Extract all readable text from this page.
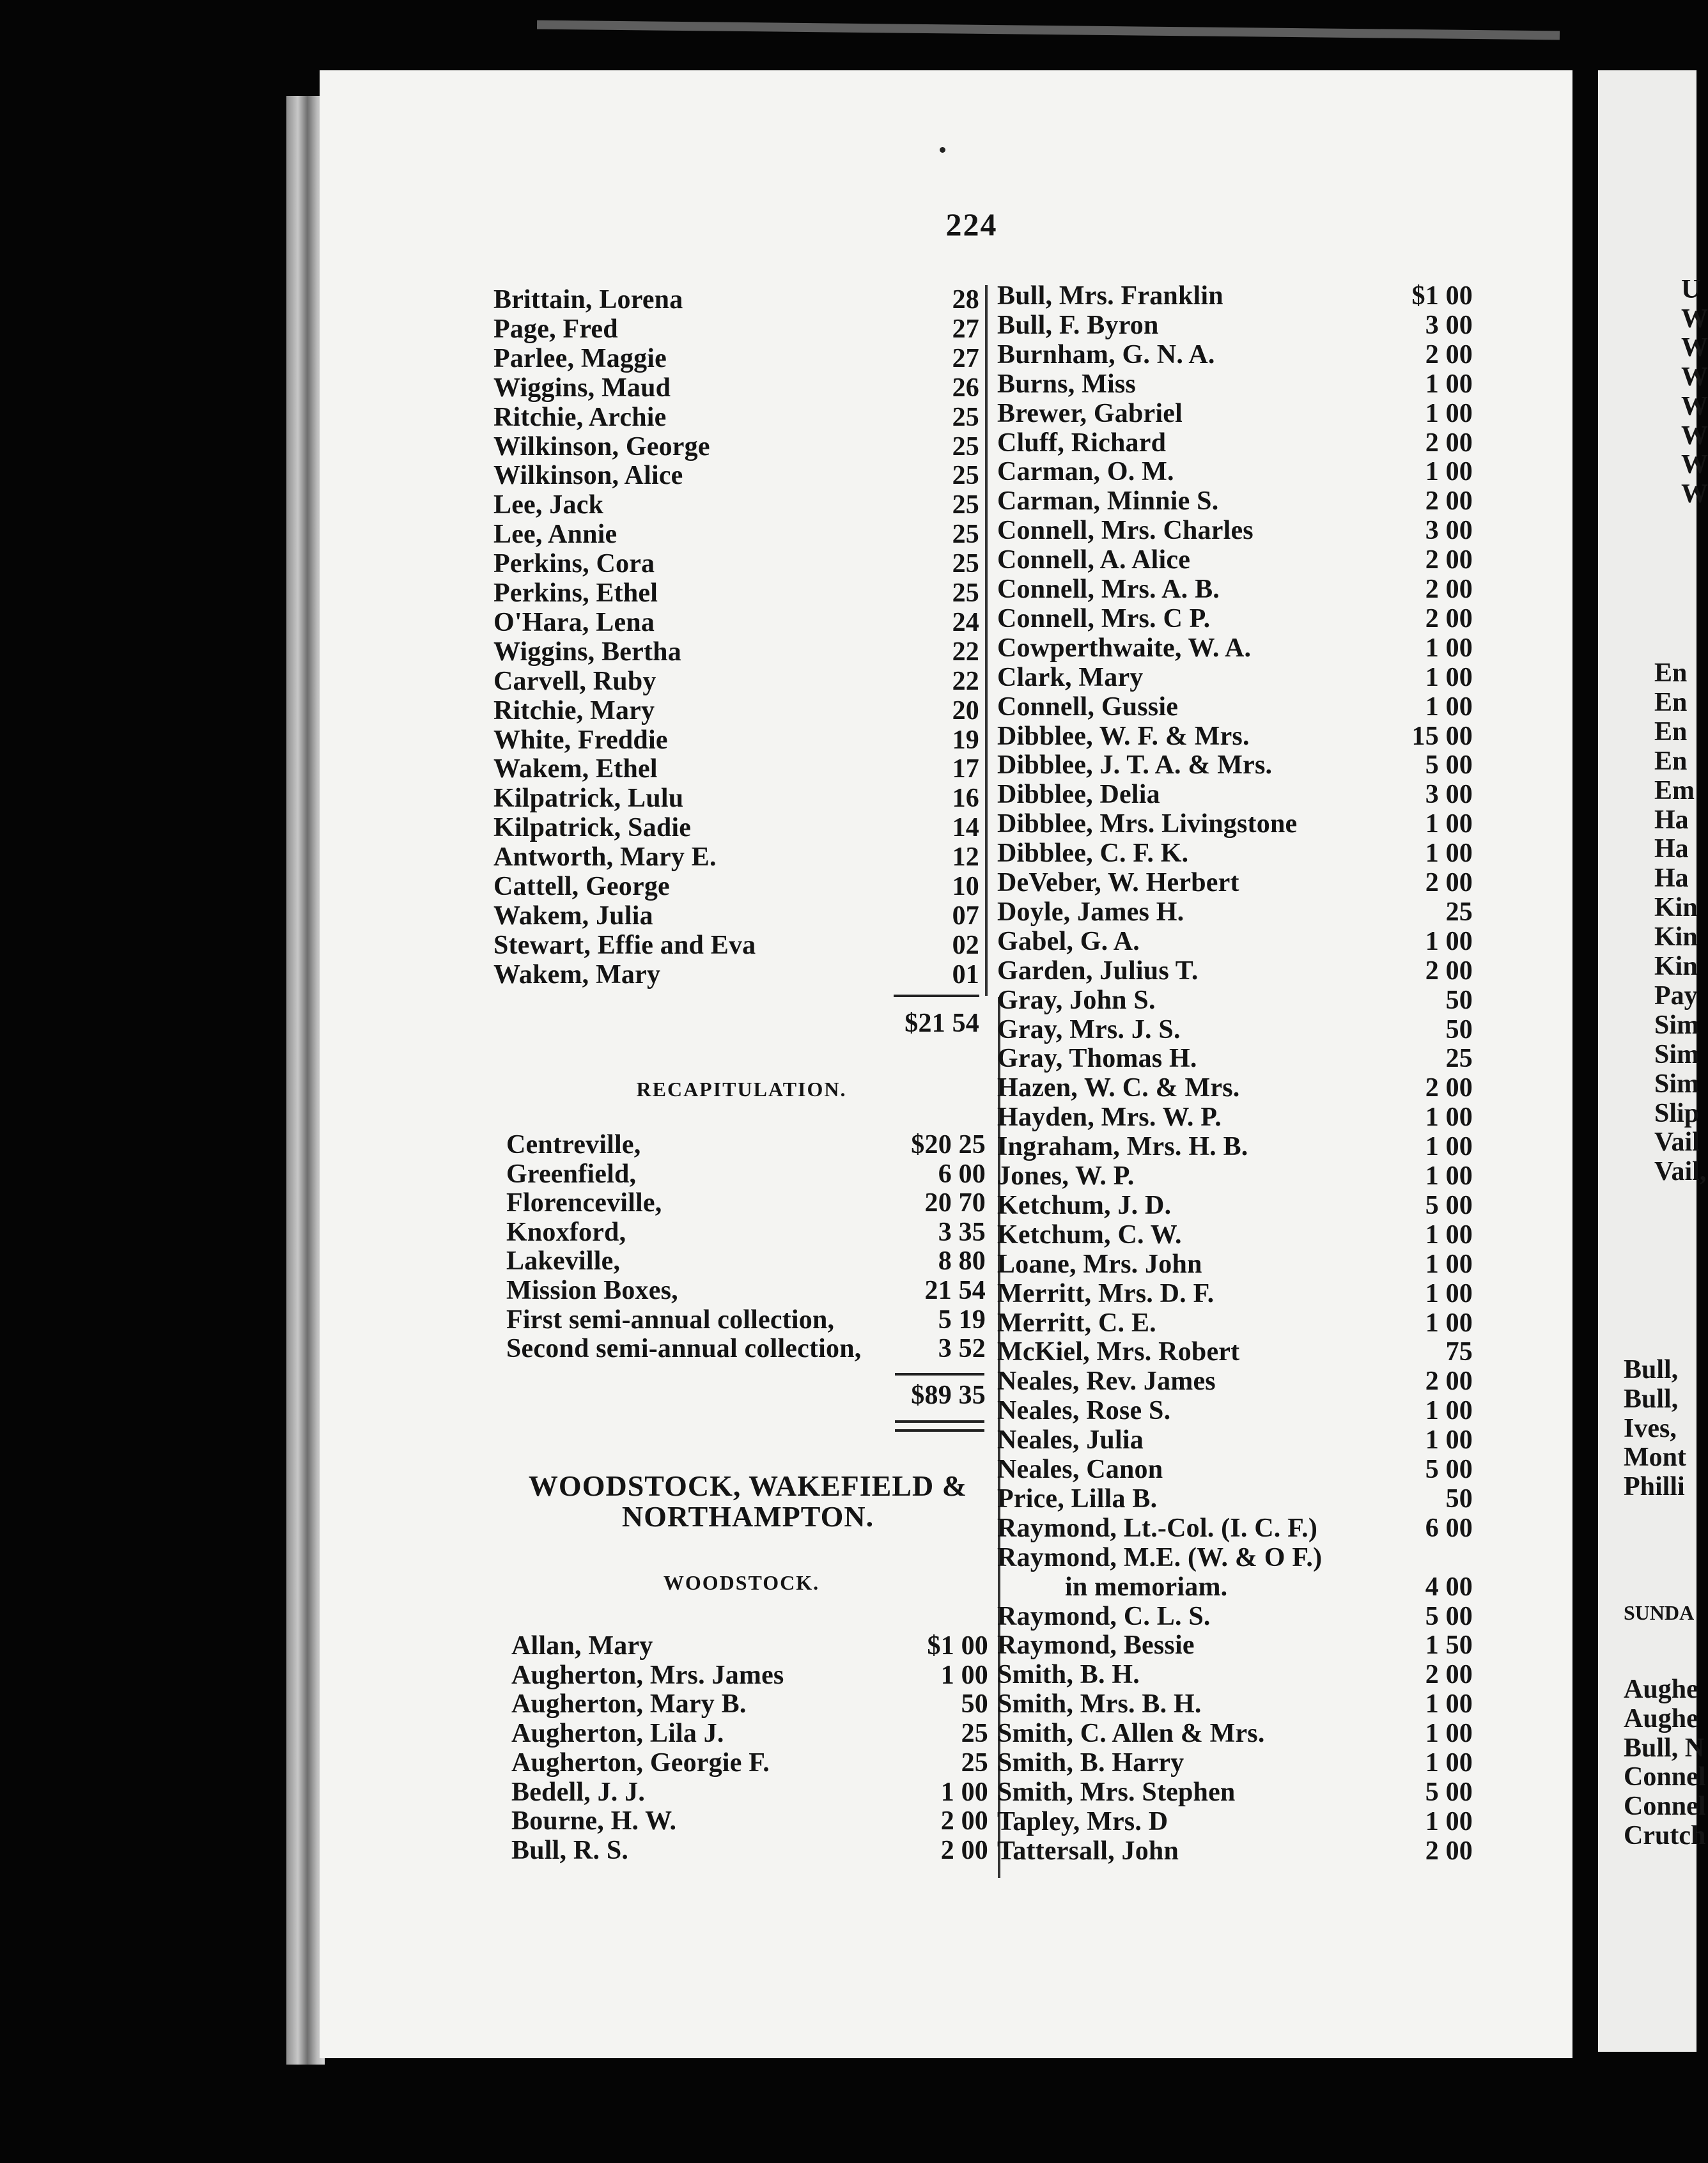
U
W
W
W
W
W
W
W
En
En
En
En
Em
Ha
Ha
Ha
Kin
Kin
Kin
Pay
Sim
Sim
Sim
Slip
Vail
Vail,
Bull,
Bull,
Ives,
Mont
Philli
Aughe
Aughe
Bull, N
Connel
Connel
Crutch
SUNDA
224
Brittain, Lorena	28
Page, Fred	27
Parlee, Maggie	27
Wiggins, Maud	26
Ritchie, Archie	25
Wilkinson, George	25
Wilkinson, Alice	25
Lee, Jack	25
Lee, Annie	25
Perkins, Cora	25
Perkins, Ethel	25
O'Hara, Lena	24
Wiggins, Bertha	22
Carvell, Ruby	22
Ritchie, Mary	20
White, Freddie	19
Wakem, Ethel	17
Kilpatrick, Lulu	16
Kilpatrick, Sadie	14
Antworth, Mary E.	12
Cattell, George	10
Wakem, Julia	07
Stewart, Effie and Eva	02
Wakem, Mary	01
$21 54
RECAPITULATION.
Centreville,	$20 25
Greenfield,	6 00
Florenceville,	20 70
Knoxford,	3 35
Lakeville,	8 80
Mission Boxes,	21 54
First semi-annual collection,	5 19
Second semi-annual collection,	3 52
$89 35
WOODSTOCK, WAKEFIELD &
NORTHAMPTON.
WOODSTOCK.
Allan, Mary	$1 00
Augherton, Mrs. James	1 00
Augherton, Mary B.	50
Augherton, Lila J.	25
Augherton, Georgie F.	25
Bedell, J. J.	1 00
Bourne, H. W.	2 00
Bull, R. S.	2 00
Bull, Mrs. Franklin	$1 00
Bull, F. Byron	3 00
Burnham, G. N. A.	2 00
Burns, Miss	1 00
Brewer, Gabriel	1 00
Cluff, Richard	2 00
Carman, O. M.	1 00
Carman, Minnie S.	2 00
Connell, Mrs. Charles	3 00
Connell, A. Alice	2 00
Connell, Mrs. A. B.	2 00
Connell, Mrs. C P.	2 00
Cowperthwaite, W. A.	1 00
Clark, Mary	1 00
Connell, Gussie	1 00
Dibblee, W. F. & Mrs.	15 00
Dibblee, J. T. A. & Mrs.	5 00
Dibblee, Delia	3 00
Dibblee, Mrs. Livingstone	1 00
Dibblee, C. F. K.	1 00
DeVeber, W. Herbert	2 00
Doyle, James H.	25
Gabel, G. A.	1 00
Garden, Julius T.	2 00
Gray, John S.	50
Gray, Mrs. J. S.	50
Gray, Thomas H.	25
Hazen, W. C. & Mrs.	2 00
Hayden, Mrs. W. P.	1 00
Ingraham, Mrs. H. B.	1 00
Jones, W. P.	1 00
Ketchum, J. D.	5 00
Ketchum, C. W.	1 00
Loane, Mrs. John	1 00
Merritt, Mrs. D. F.	1 00
Merritt, C. E.	1 00
McKiel, Mrs. Robert	75
Neales, Rev. James	2 00
Neales, Rose S.	1 00
Neales, Julia	1 00
Neales, Canon	5 00
Price, Lilla B.	50
Raymond, Lt.-Col. (I. C. F.)	6 00
Raymond, M.E. (W. & O F.)
in memoriam.	4 00
Raymond, C. L. S.	5 00
Raymond, Bessie	1 50
Smith, B. H.	2 00
Smith, Mrs. B. H.	1 00
Smith, C. Allen & Mrs.	1 00
Smith, B. Harry	1 00
Smith, Mrs. Stephen	5 00
Tapley, Mrs. D	1 00
Tattersall, John	2 00
